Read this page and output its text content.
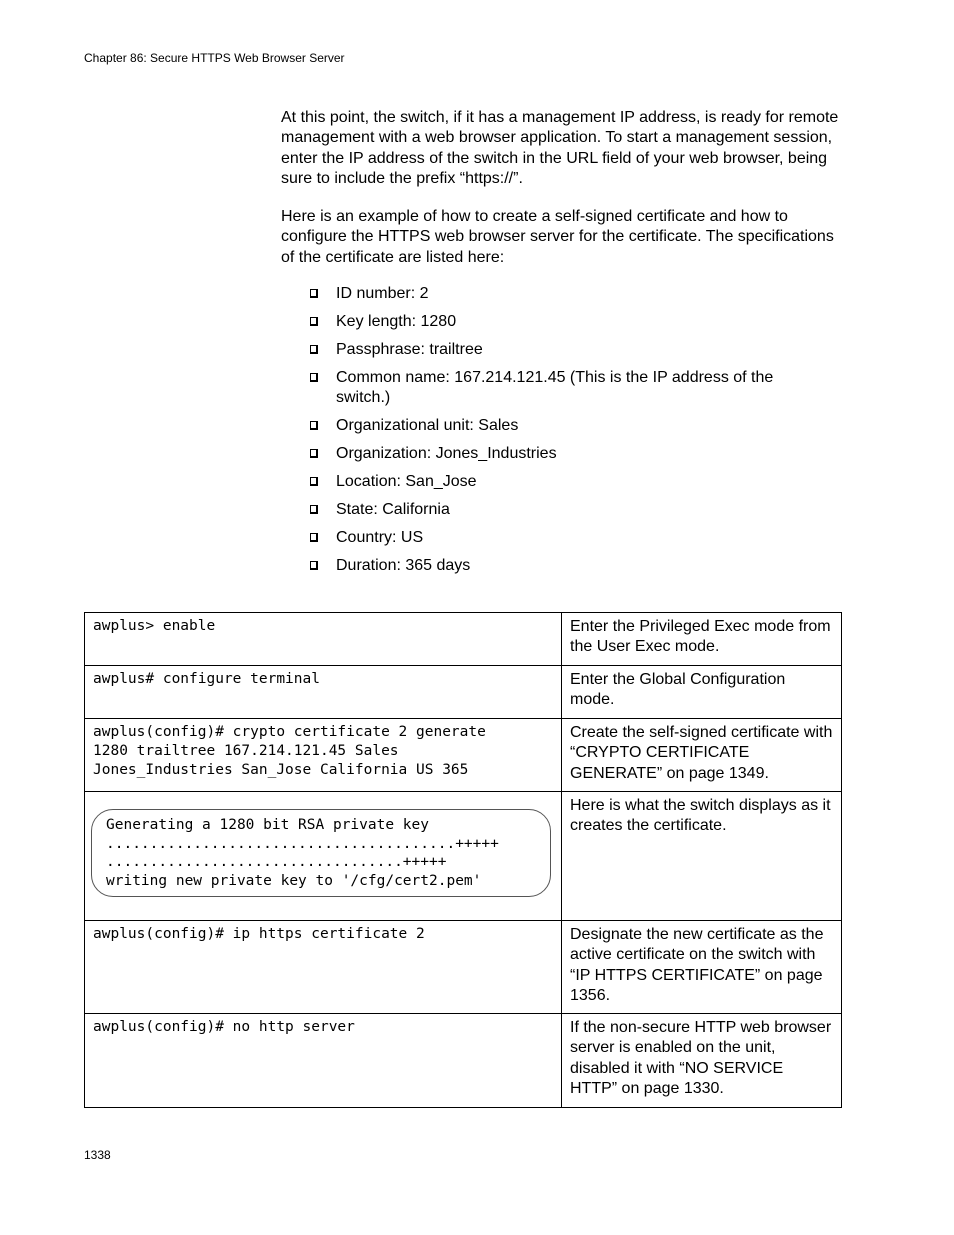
Chapter 86: Secure HTTPS Web Browser Server

At this point, the switch, if it has a management IP address, is ready for remote management with a web browser application. To start a management session, enter the IP address of the switch in the URL field of your web browser, being sure to include the prefix “https://”.

Here is an example of how to create a self-signed certificate and how to configure the HTTPS web browser server for the certificate. The specifications of the certificate are listed here:

ID number: 2
Key length: 1280
Passphrase: trailtree
Common name: 167.214.121.45 (This is the IP address of the switch.)
Organizational unit: Sales
Organization: Jones_Industries
Location: San_Jose
State: California
Country: US
Duration: 365 days
awplus> enable	Enter the Privileged Exec mode from the User Exec mode.
awplus# configure terminal	Enter the Global Configuration mode.
awplus(config)# crypto certificate 2 generate
1280 trailtree 167.214.121.45 Sales
Jones_Industries San_Jose California US 365	Create the self-signed certificate with “CRYPTO CERTIFICATE GENERATE” on page 1349.

Generating a 1280 bit RSA private key
........................................+++++
..................................+++++
writing new private key to '/cfg/cert2.pem'	Here is what the switch displays as it creates the certificate.
awplus(config)# ip https certificate 2	Designate the new certificate as the active certificate on the switch with “IP HTTPS CERTIFICATE” on page 1356.
awplus(config)# no http server	If the non-secure HTTP web browser server is enabled on the unit, disabled it with “NO SERVICE HTTP” on page 1330.
1338
